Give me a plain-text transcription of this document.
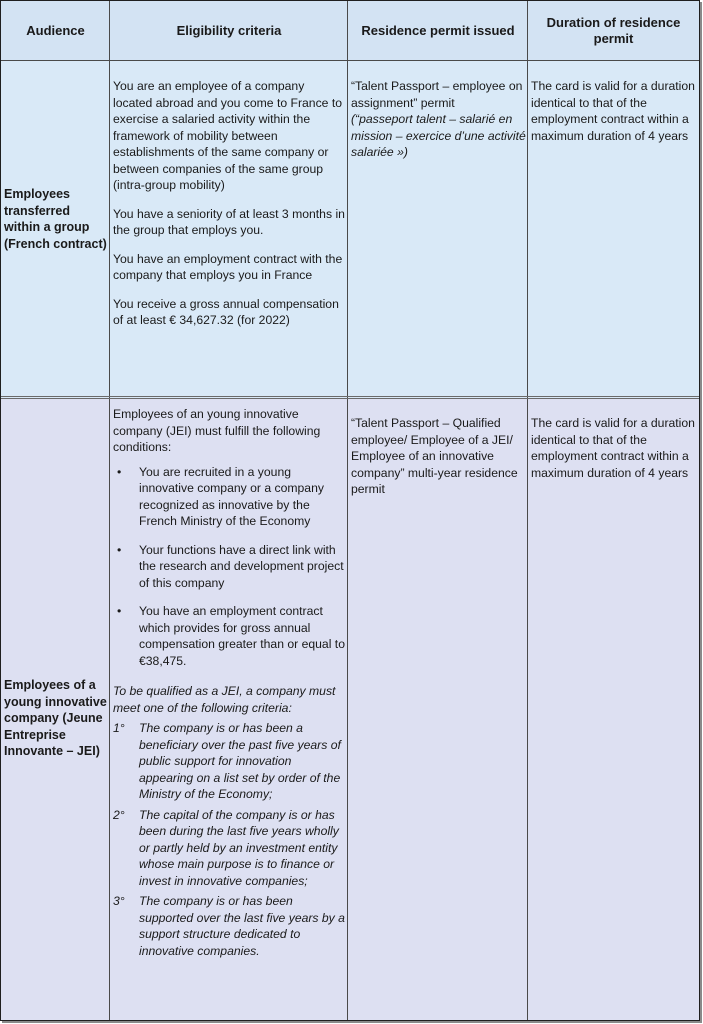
Audience	Eligibility criteria	Residence permit issued
Duration of residence permit
Employees transferred within a group (French contract)

You are an employee of a company located abroad and you come to France to exercise a salaried activity within the framework of mobility between establishments of the same company or between companies of the same group (intra-group mobility)

You have a seniority of at least 3 months in the group that employs you.

You have an employment contract with the company that employs you in France

You receive a gross annual compensation of at least € 34,627.32 (for 2022)

“Talent Passport – employee on assignment” permit
(“passeport talent – salarié en mission – exercice d’une activité salariée »)
The card is valid for a duration identical to that of the employment contract within a maximum duration of 4 years
Employees of a young innovative company (Jeune Entreprise Innovante – JEI)

Employees of an young innovative company (JEI) must fulfill the following conditions:

• You are recruited in a young innovative company or a company recognized as innovative by the French Ministry of the Economy
• Your functions have a direct link with the research and development project of this company
• You have an employment contract which provides for gross annual compensation greater than or equal to €38,475.

To be qualified as a JEI, a company must meet one of the following criteria:

1° The company is or has been a beneficiary over the past five years of public support for innovation appearing on a list set by order of the Ministry of the Economy;
2° The capital of the company is or has been during the last five years wholly or partly held by an investment entity whose main purpose is to finance or invest in innovative companies;
3° The company is or has been supported over the last five years by a support structure dedicated to innovative companies.
“Talent Passport – Qualified employee/ Employee of a JEI/ Employee of an innovative company” multi-year residence permit
The card is valid for a duration identical to that of the employment contract within a maximum duration of 4 years
